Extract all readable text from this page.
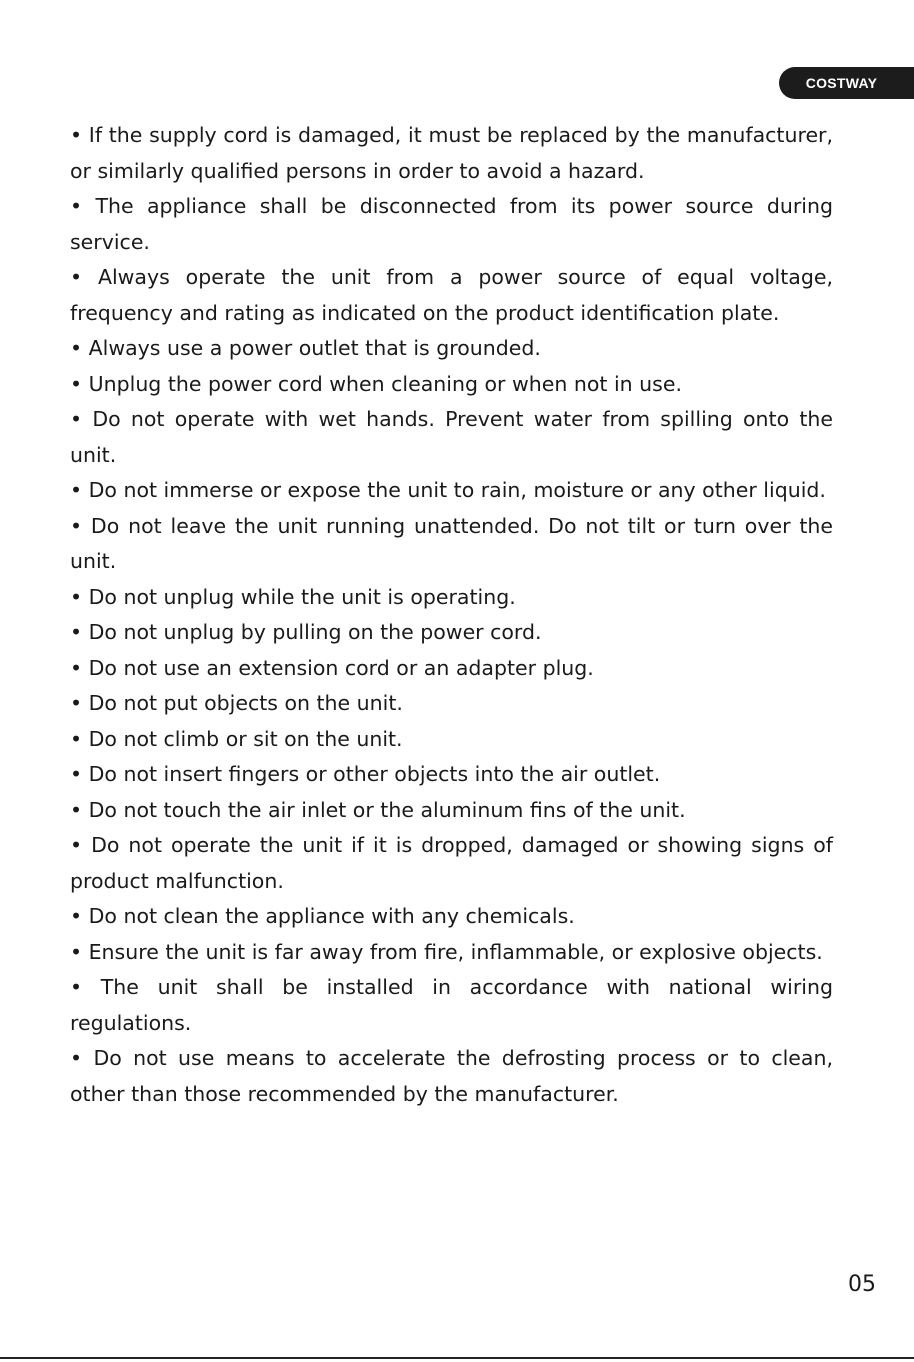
COSTWAY

• If the supply cord is damaged, it must be replaced by the manufacturer, or similarly qualified persons in order to avoid a hazard.

• The appliance shall be disconnected from its power source during service.

• Always operate the unit from a power source of equal voltage, frequency and rating as indicated on the product identification plate.

• Always use a power outlet that is grounded.

• Unplug the power cord when cleaning or when not in use.

• Do not operate with wet hands. Prevent water from spilling onto the unit.

• Do not immerse or expose the unit to rain, moisture or any other liquid.

• Do not leave the unit running unattended. Do not tilt or turn over the unit.

• Do not unplug while the unit is operating.

• Do not unplug by pulling on the power cord.

• Do not use an extension cord or an adapter plug.

• Do not put objects on the unit.

• Do not climb or sit on the unit.

• Do not insert fingers or other objects into the air outlet.

• Do not touch the air inlet or the aluminum fins of the unit.

• Do not operate the unit if it is dropped, damaged or showing signs of product malfunction.

• Do not clean the appliance with any chemicals.

• Ensure the unit is far away from fire, inflammable, or explosive objects.

• The unit shall be installed in accordance with national wiring regulations.

• Do not use means to accelerate the defrosting process or to clean, other than those recommended by the manufacturer.

05
